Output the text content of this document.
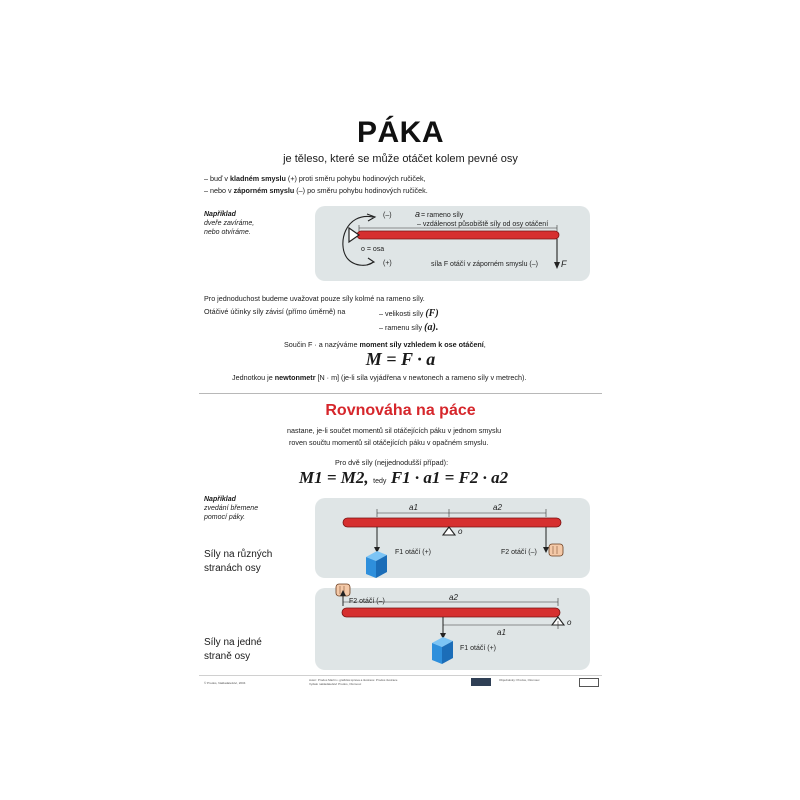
PÁKA
je těleso, které se může otáčet kolem pevné osy
– buď v kladném smyslu (+) proti směru pohybu hodinových ručiček,
– nebo v záporném smyslu (–) po směru pohybu hodinových ručiček.
Například
dveře zavíráme,
nebo otvíráme.
(–)
(+)
a = rameno síly
– vzdálenost působiště síly od osy otáčení
o = osa
síla F otáčí v záporném smyslu (–)	F
Pro jednoduchost budeme uvažovat pouze síly kolmé na rameno síly.
Otáčivé účinky síly závisí (přímo úměrně) na	– velikosti síly (F)
– ramenu síly (a).
Součin F · a nazýváme moment síly vzhledem k ose otáčení,
M = F · a
Jednotkou je newtonmetr [N · m] (je-li síla vyjádřena v newtonech a rameno síly v metrech).
Rovnováha na páce
nastane, je-li součet momentů sil otáčejících páku v jednom smyslu
roven součtu momentů sil otáčejících páku v opačném smyslu.
Pro dvě síly (nejjednodušší případ):
M1 = M2, tedy F1 · a1 = F2 · a2
Například
zvedání břemene
pomocí páky.
Síly na různých
stranách osy
a1	a2
o
F1 otáčí (+)	F2 otáčí (–)
Síly na jedné
straně osy
F2 otáčí (–)	a2
o
a1
F1 otáčí (+)
© Prodos, Nakladatelství, 2004
Autor: Prodos Martin • grafická úprava a ilustrace: Prodos ilustrace
Vydalo nakladatelství Prodos, Olomouc
Objednávky: Prodos, Olomouc
